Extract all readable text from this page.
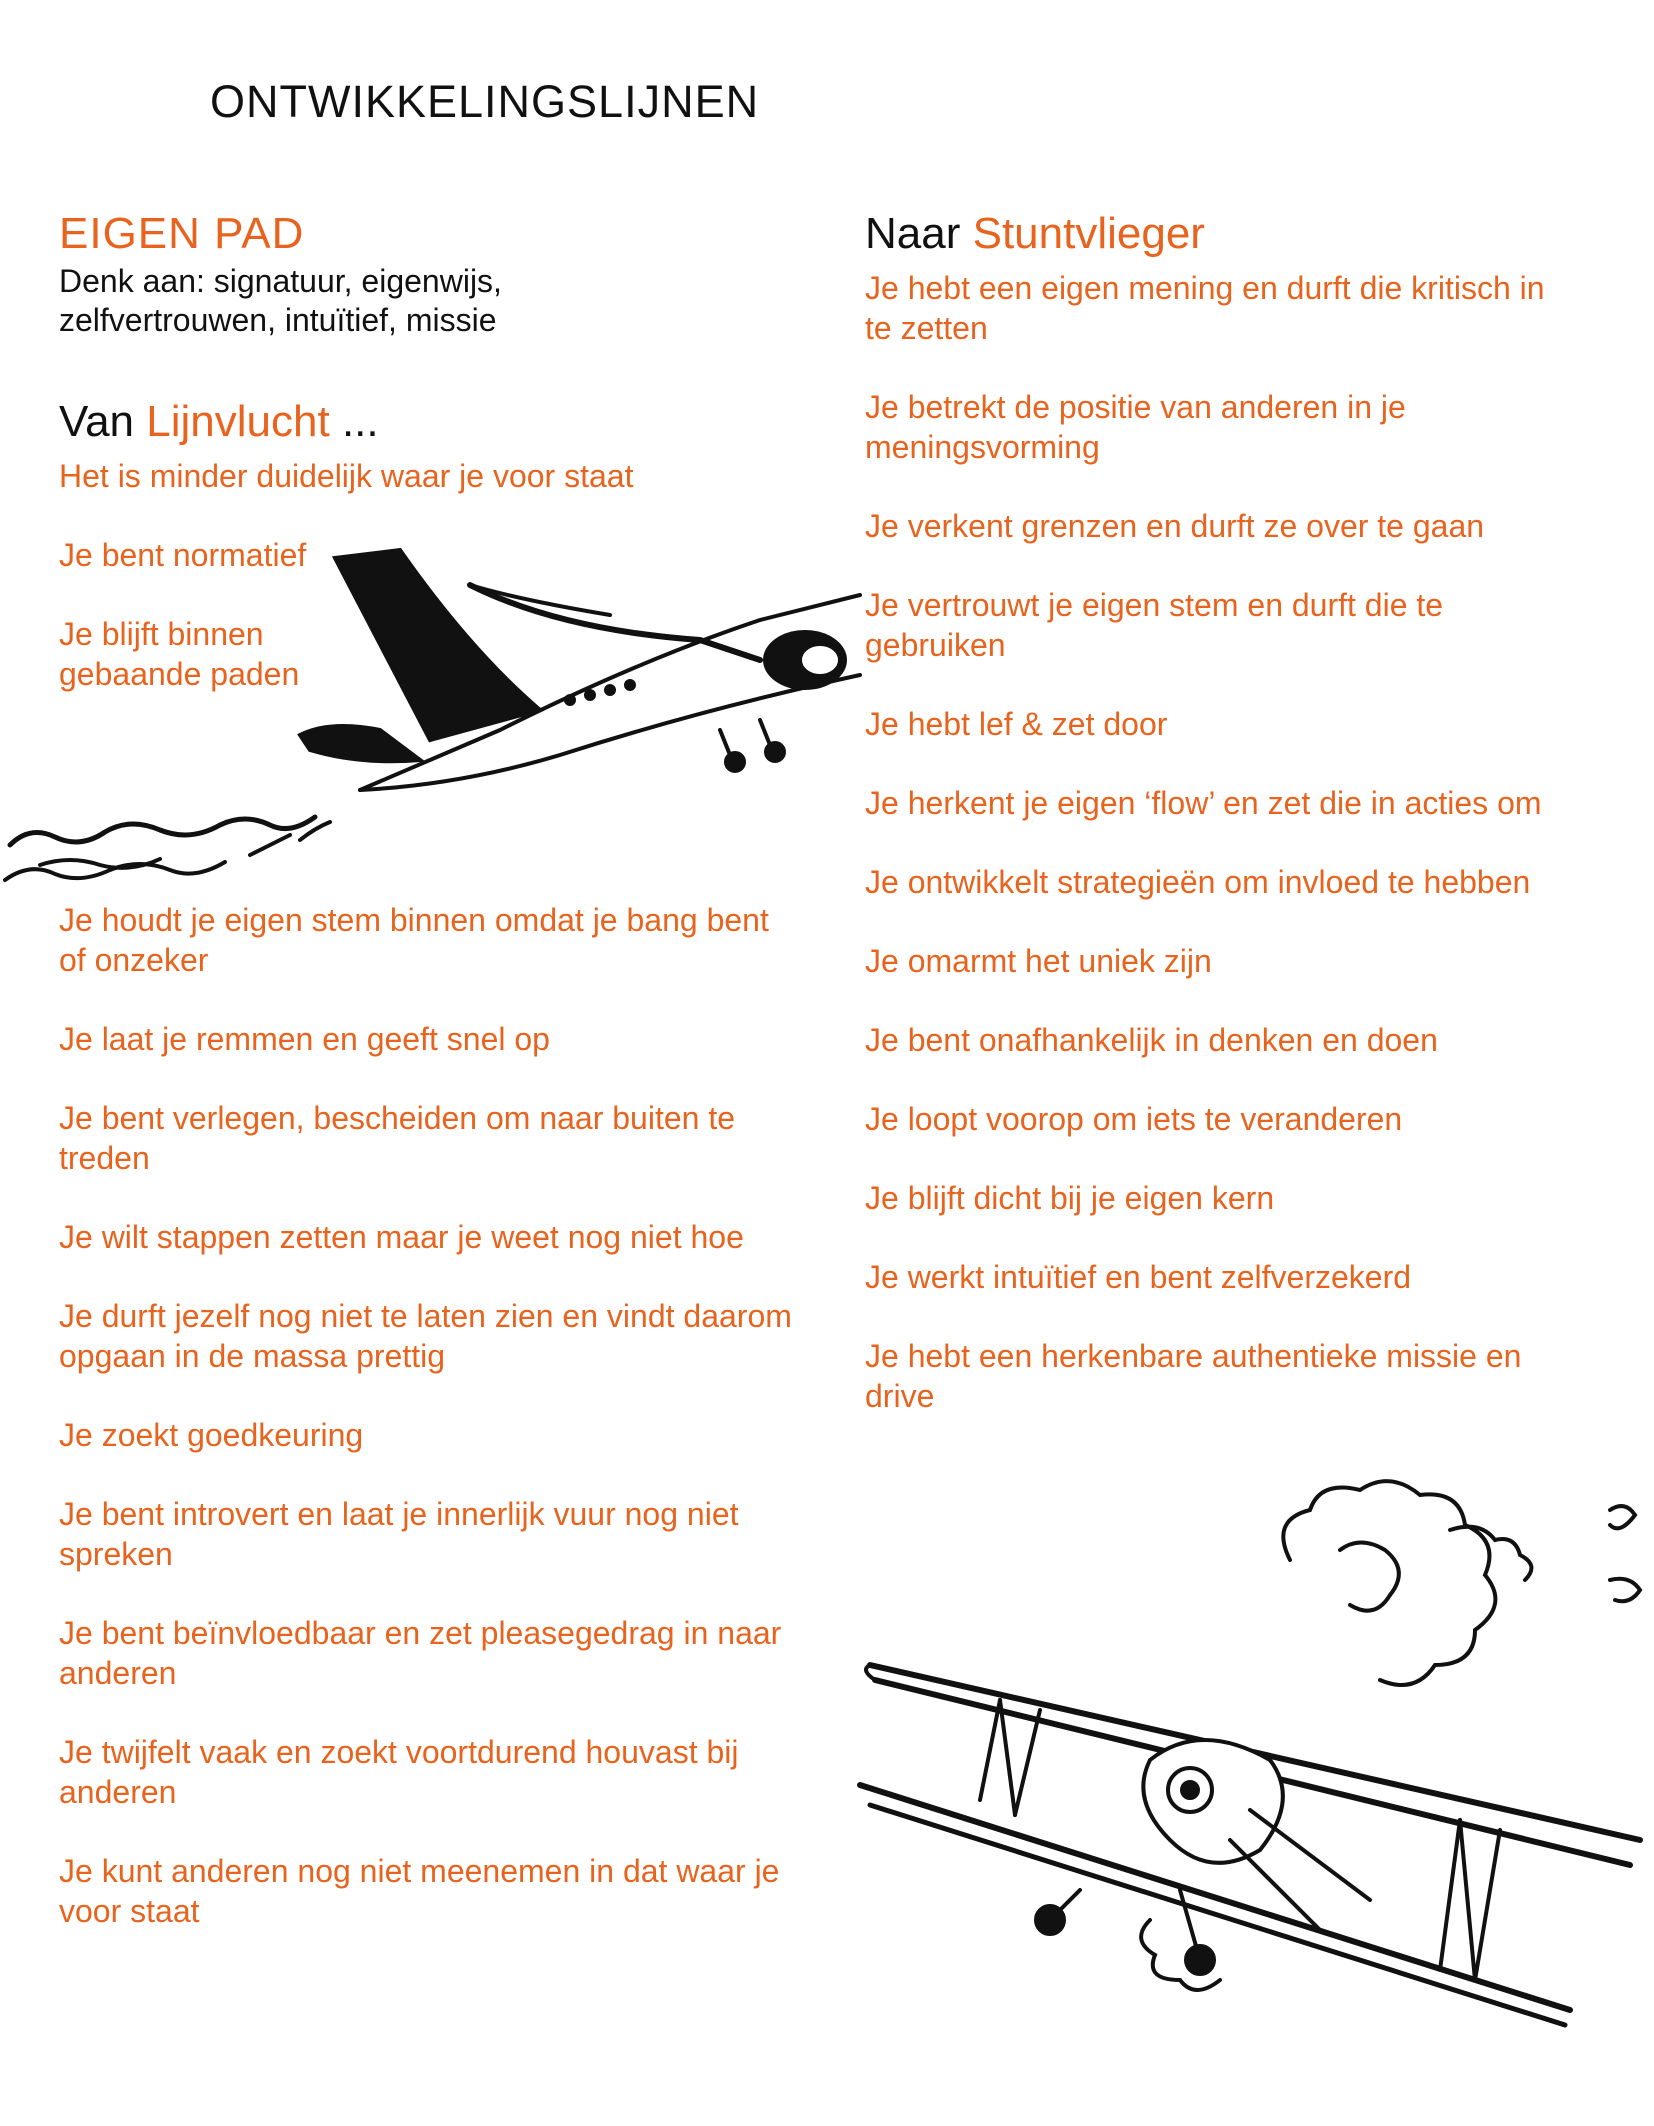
ONTWIKKELINGSLIJNEN
EIGEN PAD
Denk aan: signatuur, eigenwijs,
zelfvertrouwen, intuïtief, missie
Van Lijnvlucht ...
Het is minder duidelijk waar je voor staat
Je bent normatief
Je blijft binnen gebaande paden
Je houdt je eigen stem binnen omdat je bang bent of onzeker
Je laat je remmen en geeft snel op
Je bent verlegen, bescheiden om naar buiten te treden
Je wilt stappen zetten maar je weet nog niet hoe
Je durft jezelf nog niet te laten zien en vindt daarom opgaan in de massa prettig
Je zoekt goedkeuring
Je bent introvert en laat je innerlijk vuur nog niet spreken
Je bent beïnvloedbaar en zet pleasegedrag in naar anderen
Je twijfelt vaak en zoekt voortdurend houvast bij anderen
Je kunt anderen nog niet meenemen in dat waar je voor staat
Naar Stuntvlieger
Je hebt een eigen mening en durft die kritisch in te zetten
Je betrekt de positie van anderen in je meningsvorming
Je verkent grenzen en durft ze over te gaan
Je vertrouwt je eigen stem en durft die te gebruiken
Je hebt lef & zet door
Je herkent je eigen ‘flow’ en zet die in acties om
Je ontwikkelt strategieën om invloed te hebben
Je omarmt het uniek zijn
Je bent onafhankelijk in denken en doen
Je loopt voorop om iets te veranderen
Je blijft dicht bij je eigen kern
Je werkt intuïtief en bent zelfverzekerd
Je hebt een herkenbare authentieke missie en drive
